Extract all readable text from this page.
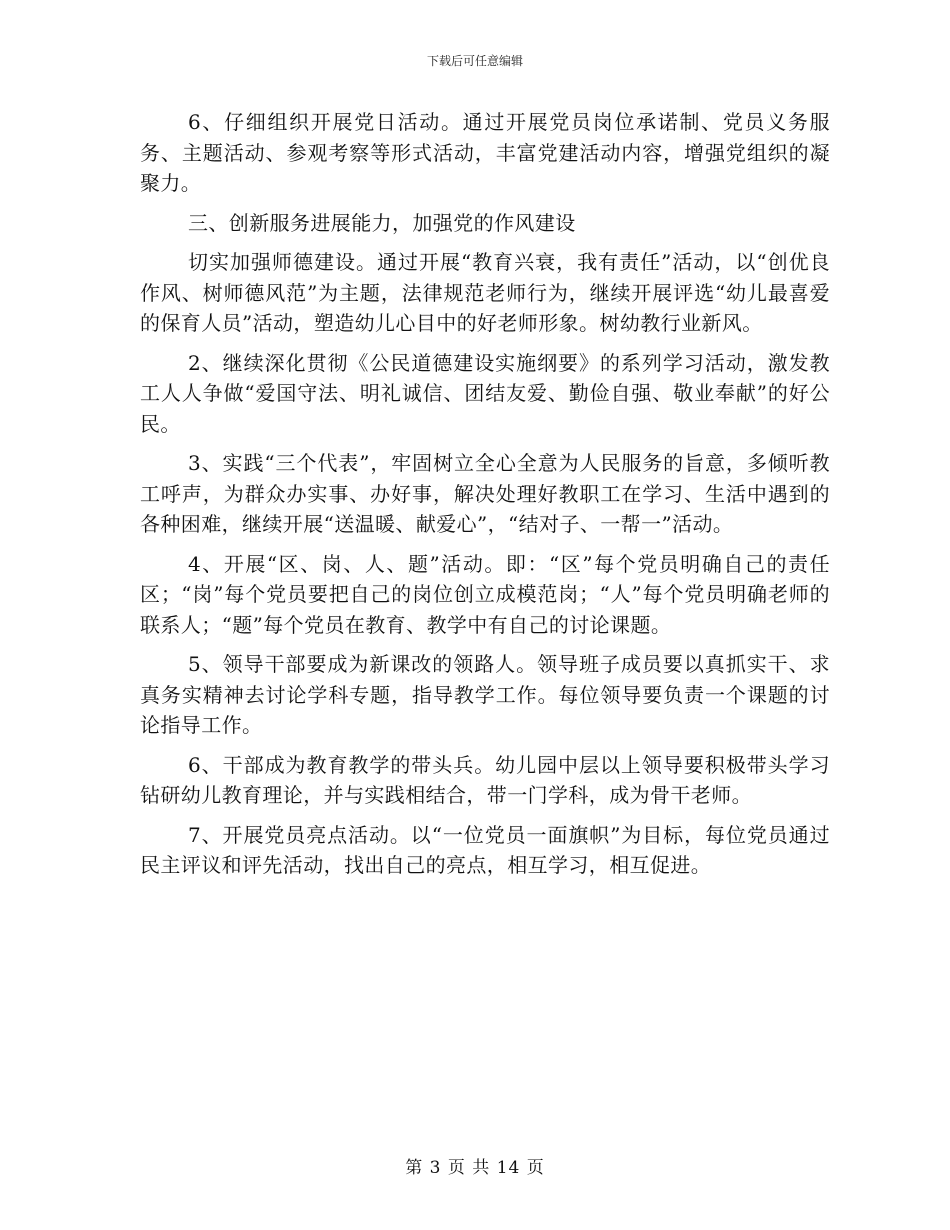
下载后可任意编辑

6、仔细组织开展党日活动。通过开展党员岗位承诺制、党员义务服务、主题活动、参观考察等形式活动，丰富党建活动内容，增强党组织的凝聚力。

三、创新服务进展能力，加强党的作风建设

切实加强师德建设。通过开展“教育兴衰，我有责任”活动，以“创优良作风、树师德风范”为主题，法律规范老师行为，继续开展评选“幼儿最喜爱的保育人员”活动，塑造幼儿心目中的好老师形象。树幼教行业新风。

2、继续深化贯彻《公民道德建设实施纲要》的系列学习活动，激发教工人人争做“爱国守法、明礼诚信、团结友爱、勤俭自强、敬业奉献”的好公民。

3、实践“三个代表”，牢固树立全心全意为人民服务的旨意，多倾听教工呼声，为群众办实事、办好事，解决处理好教职工在学习、生活中遇到的各种困难，继续开展“送温暖、献爱心”，“结对子、一帮一”活动。

4、开展“区、岗、人、题”活动。即：“区”每个党员明确自己的责任区；“岗”每个党员要把自己的岗位创立成模范岗；“人”每个党员明确老师的联系人；“题”每个党员在教育、教学中有自己的讨论课题。

5、领导干部要成为新课改的领路人。领导班子成员要以真抓实干、求真务实精神去讨论学科专题，指导教学工作。每位领导要负责一个课题的讨论指导工作。

6、干部成为教育教学的带头兵。幼儿园中层以上领导要积极带头学习钻研幼儿教育理论，并与实践相结合，带一门学科，成为骨干老师。

7、开展党员亮点活动。以“一位党员一面旗帜”为目标，每位党员通过民主评议和评先活动，找出自己的亮点，相互学习，相互促进。

第 3 页 共 14 页
